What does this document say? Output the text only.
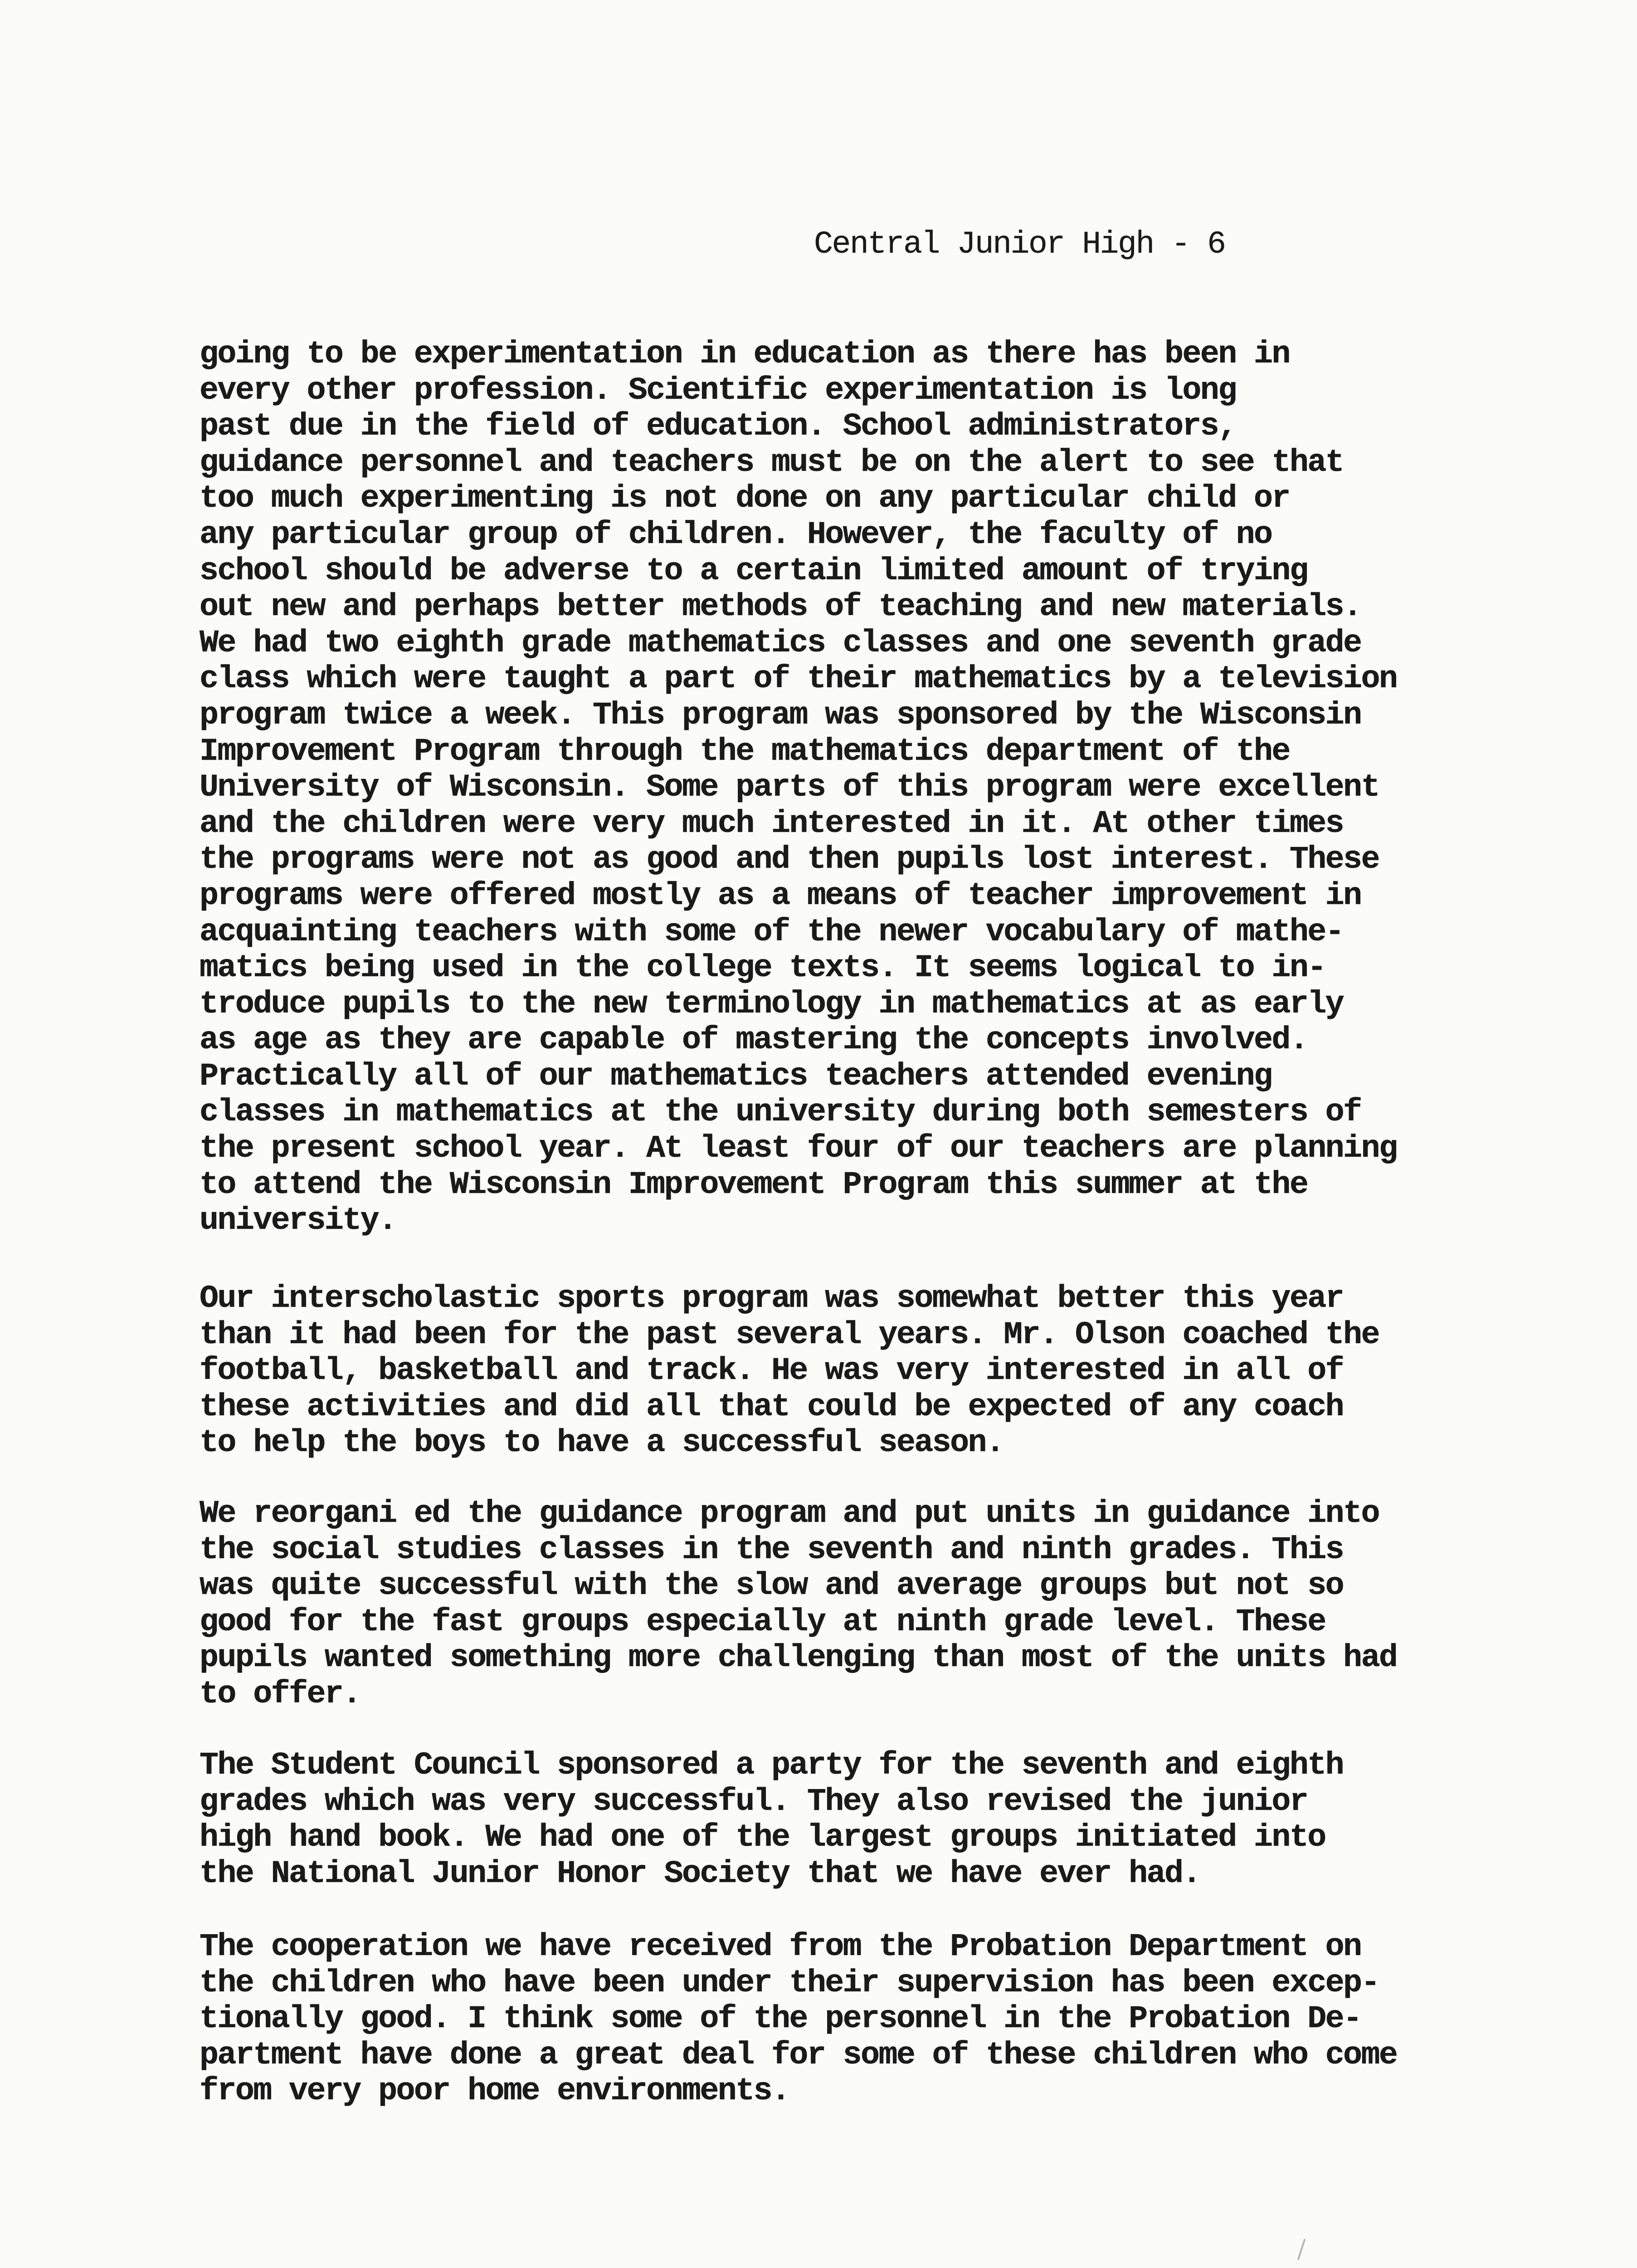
Central Junior High - 6
going to be experimentation in education as there has been in
every other profession. Scientific experimentation is long
past due in the field of education. School administrators,
guidance personnel and teachers must be on the alert to see that
too much experimenting is not done on any particular child or
any particular group of children. However, the faculty of no
school should be adverse to a certain limited amount of trying
out new and perhaps better methods of teaching and new materials.
We had two eighth grade mathematics classes and one seventh grade
class which were taught a part of their mathematics by a television
program twice a week. This program was sponsored by the Wisconsin
Improvement Program through the mathematics department of the
University of Wisconsin. Some parts of this program were excellent
and the children were very much interested in it. At other times
the programs were not as good and then pupils lost interest. These
programs were offered mostly as a means of teacher improvement in
acquainting teachers with some of the newer vocabulary of mathe-
matics being used in the college texts. It seems logical to in-
troduce pupils to the new terminology in mathematics at as early
as age as they are capable of mastering the concepts involved.
Practically all of our mathematics teachers attended evening
classes in mathematics at the university during both semesters of
the present school year. At least four of our teachers are planning
to attend the Wisconsin Improvement Program this summer at the
university.
Our interscholastic sports program was somewhat better this year
than it had been for the past several years. Mr. Olson coached the
football, basketball and track. He was very interested in all of
these activities and did all that could be expected of any coach
to help the boys to have a successful season.
We reorgani ed the guidance program and put units in guidance into
the social studies classes in the seventh and ninth grades. This
was quite successful with the slow and average groups but not so
good for the fast groups especially at ninth grade level. These
pupils wanted something more challenging than most of the units had
to offer.
The Student Council sponsored a party for the seventh and eighth
grades which was very successful. They also revised the junior
high hand book. We had one of the largest groups initiated into
the National Junior Honor Society that we have ever had.
The cooperation we have received from the Probation Department on
the children who have been under their supervision has been excep-
tionally good. I think some of the personnel in the Probation De-
partment have done a great deal for some of these children who come
from very poor home environments.
